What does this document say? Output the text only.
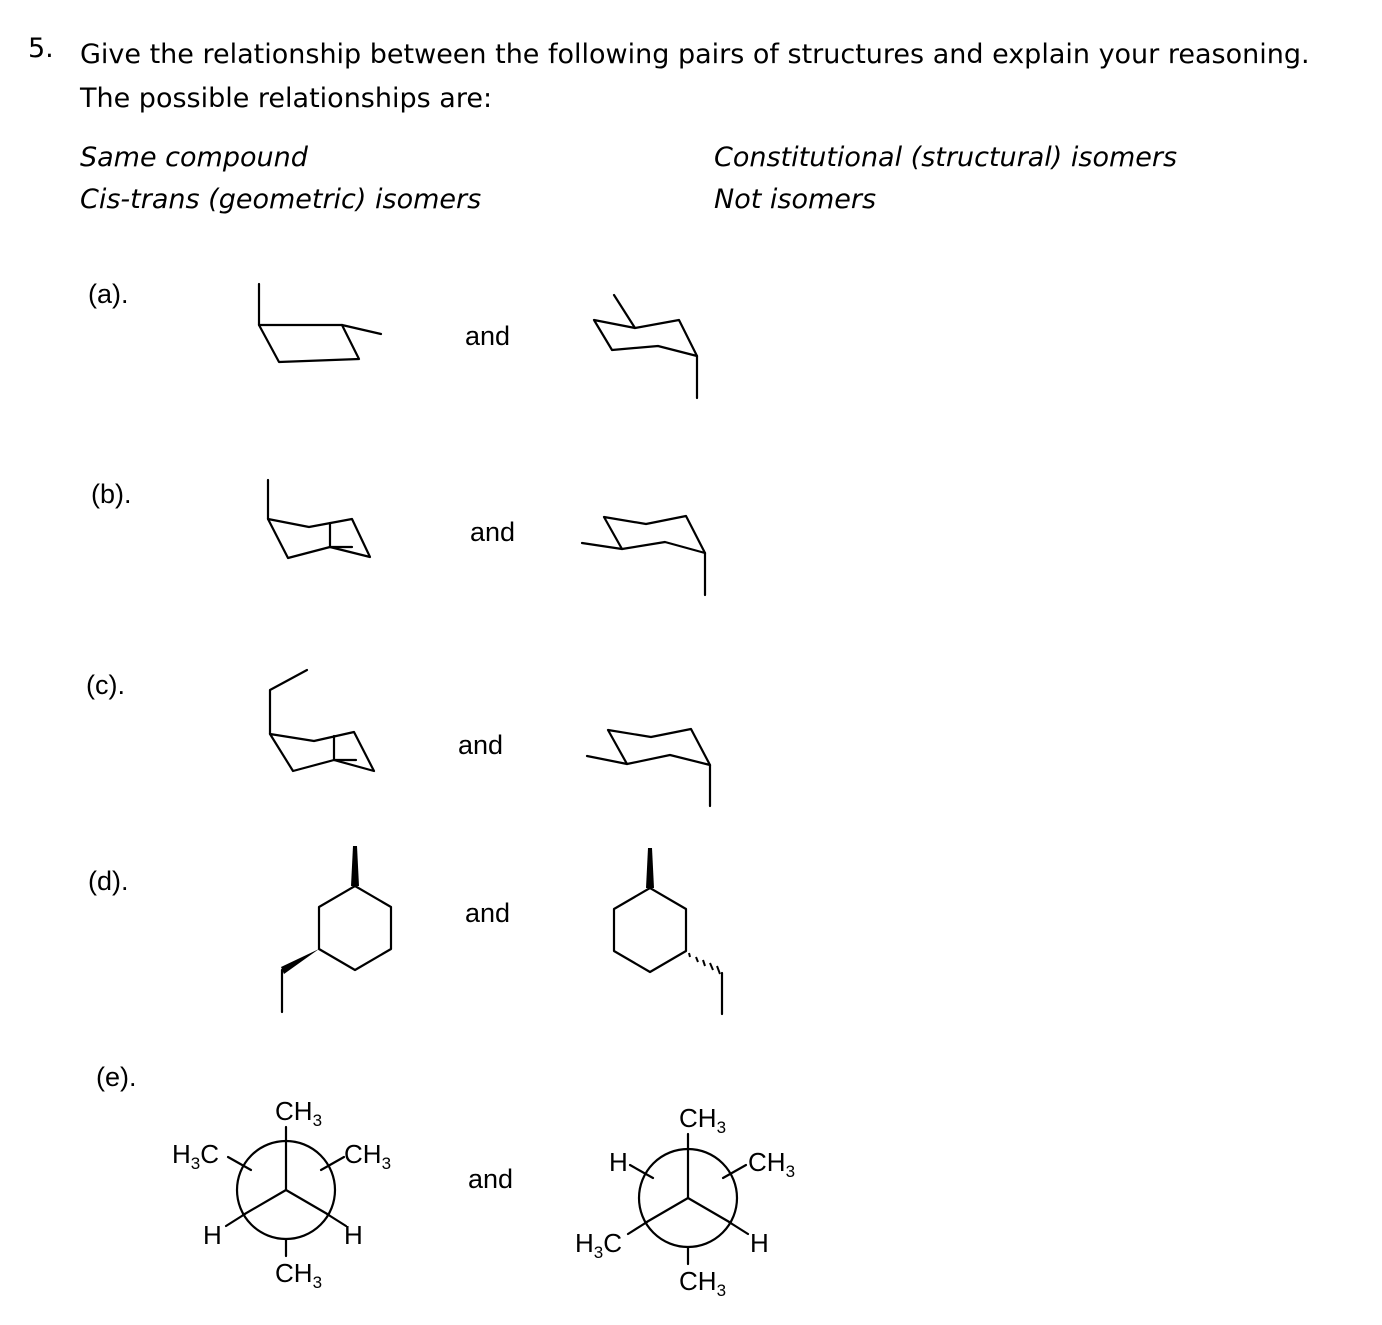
5. Give the relationship between the following pairs of structures and explain your reasoning. The possible relationships are:
Same compound
Cis-trans (geometric) isomers
Constitutional (structural) isomers
Not isomers
(a).
(b).
(c).
(d).
(e).
and
and
and
and
and
$CH_3$
$H_3C$	$CH_3$
H	H
$CH_3$
$CH_3$
H	$CH_3$
$H_3C$	H
$CH_3$
